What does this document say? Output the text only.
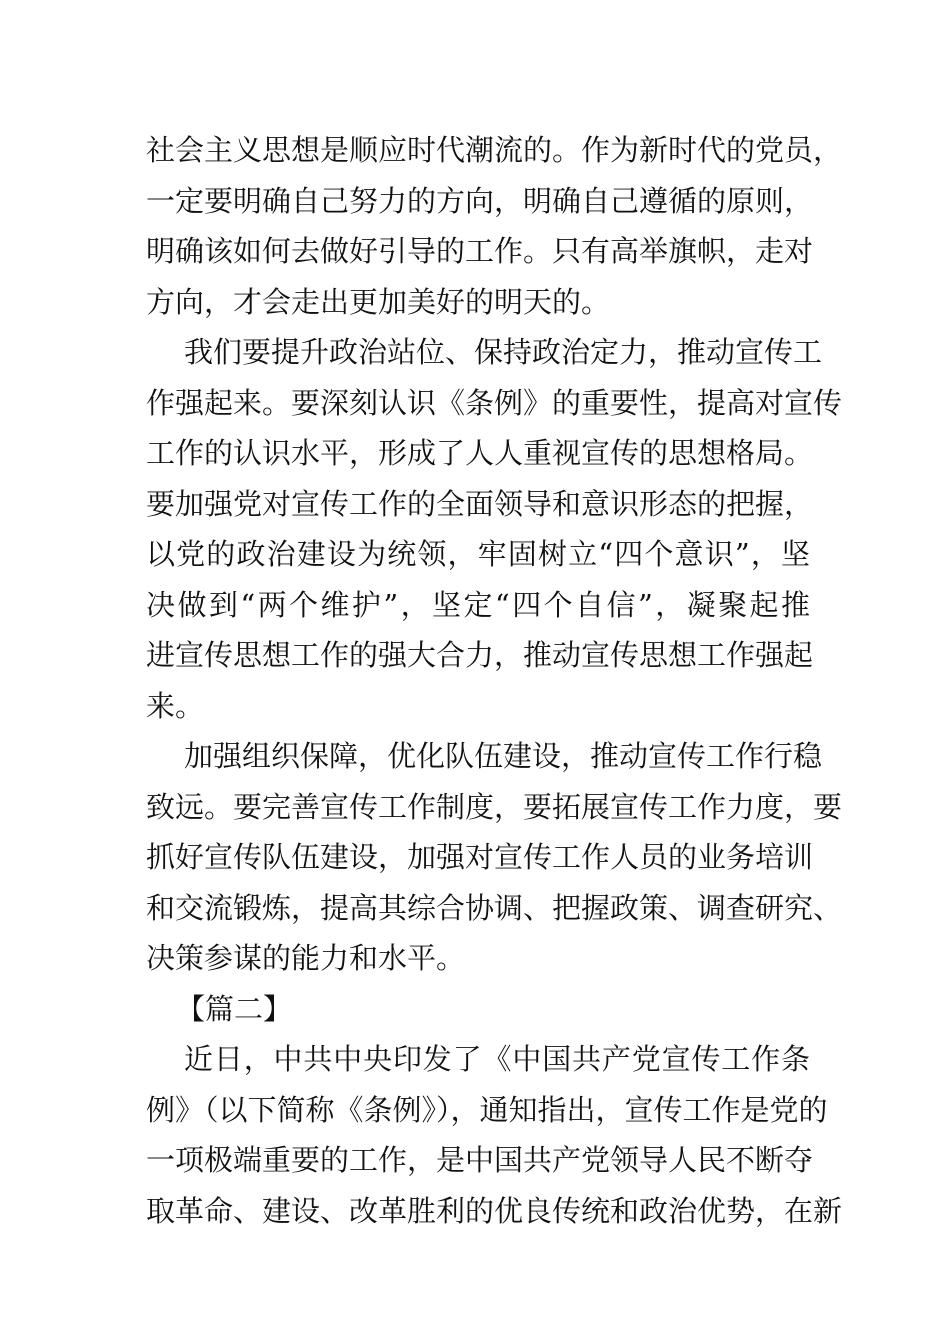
社会主义思想是顺应时代潮流的。作为新时代的党员，
一定要明确自己努力的方向，明确自己遵循的原则，
明确该如何去做好引导的工作。只有高举旗帜，走对
方向，才会走出更加美好的明天的。
我们要提升政治站位、保持政治定力，推动宣传工
作强起来。要深刻认识《条例》的重要性，提高对宣传
工作的认识水平，形成了人人重视宣传的思想格局。
要加强党对宣传工作的全面领导和意识形态的把握，
以党的政治建设为统领，牢固树立“四个意识”，坚
决做到“两个维护”，坚定“四个自信”，凝聚起推
进宣传思想工作的强大合力，推动宣传思想工作强起
来。
加强组织保障，优化队伍建设，推动宣传工作行稳
致远。要完善宣传工作制度，要拓展宣传工作力度，要
抓好宣传队伍建设，加强对宣传工作人员的业务培训
和交流锻炼，提高其综合协调、把握政策、调查研究、
决策参谋的能力和水平。
【篇二】
近日，中共中央印发了《中国共产党宣传工作条
例》（以下简称《条例》），通知指出，宣传工作是党的
一项极端重要的工作，是中国共产党领导人民不断夺
取革命、建设、改革胜利的优良传统和政治优势，在新
